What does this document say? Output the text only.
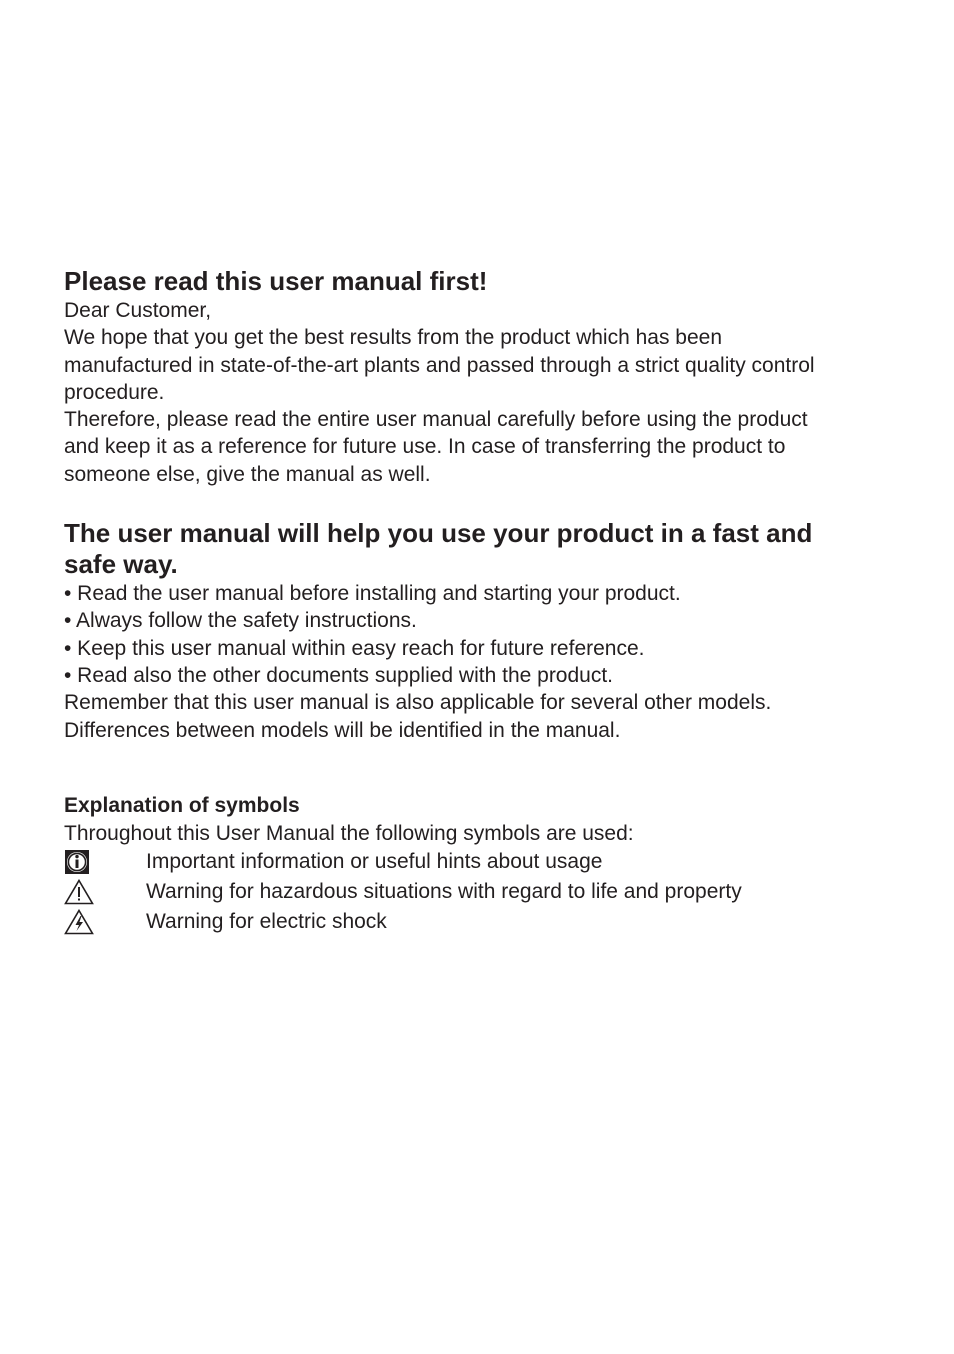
Please read this user manual first!

Dear Customer,

We hope that you get the best results from the product which has been

manufactured in state-of-the-art plants and passed through a strict quality control

procedure.

Therefore, please read the entire user manual carefully before using the product

and keep it as a reference for future use. In case of transferring the product to

someone else, give the manual as well.

The user manual will help you use your product in a fast and
safe way.
• Read the user manual before installing and starting your product.
• Always follow the safety instructions.
• Keep this user manual within easy reach for future reference.
• Read also the other documents supplied with the product.

Remember that this user manual is also applicable for several other models.

Differences between models will be identified in the manual.

Explanation of symbols

Throughout this User Manual the following symbols are used:

Important information or useful hints about usage
Warning for hazardous situations with regard to life and property
Warning for electric shock
